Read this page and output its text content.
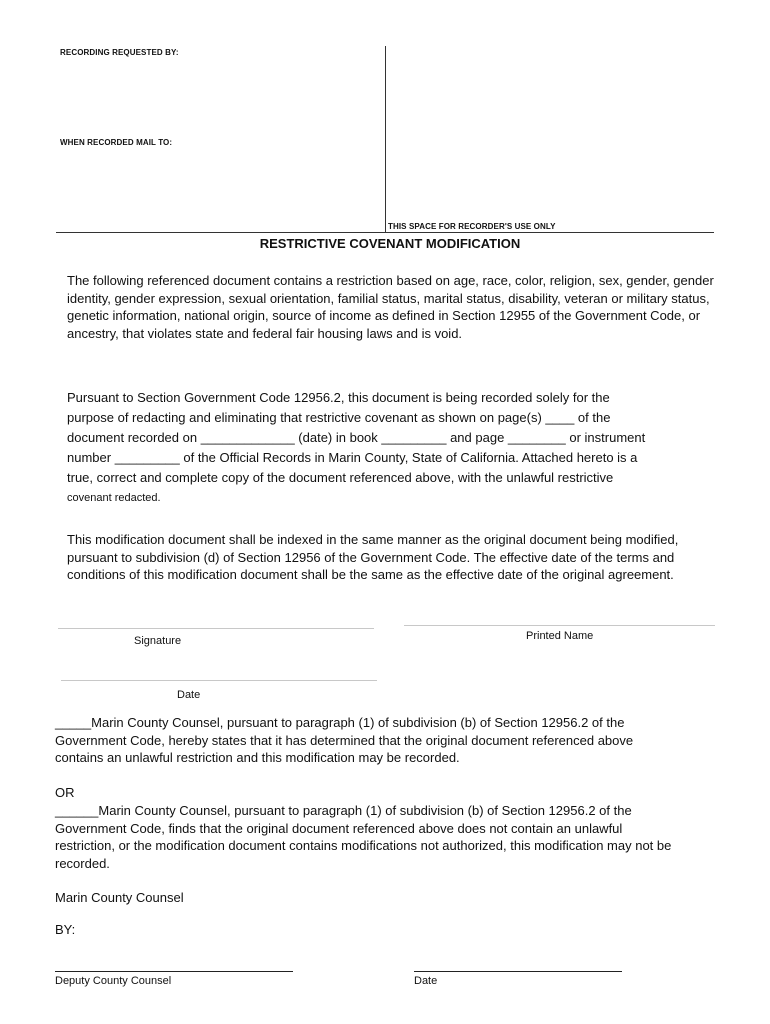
RECORDING REQUESTED BY:
WHEN RECORDED MAIL TO:
THIS SPACE FOR RECORDER'S USE ONLY
RESTRICTIVE COVENANT MODIFICATION

The following referenced document contains a restriction based on age, race, color, religion, sex, gender, gender identity, gender expression, sexual orientation, familial status, marital status, disability, veteran or military status, genetic information, national origin, source of income as defined in Section 12955 of the Government Code, or ancestry, that violates state and federal fair housing laws and is void.

Pursuant to Section Government Code 12956.2, this document is being recorded solely for the

purpose of redacting and eliminating that restrictive covenant as shown on page(s) ____ of the

document recorded on _____________ (date) in book _________ and page ________ or instrument

number _________ of the Official Records in Marin County, State of California. Attached hereto is a

true, correct and complete copy of the document referenced above, with the unlawful restrictive

covenant redacted.

This modification document shall be indexed in the same manner as the original document being modified, pursuant to subdivision (d) of Section 12956 of the Government Code. The effective date of the terms and conditions of this modification document shall be the same as the effective date of the original agreement.

Signature	Printed Name
Date

_____Marin County Counsel, pursuant to paragraph (1) of subdivision (b) of Section 12956.2 of the Government Code, hereby states that it has determined that the original document referenced above contains an unlawful restriction and this modification may be recorded.

OR

______Marin County Counsel, pursuant to paragraph (1) of subdivision (b) of Section 12956.2 of the Government Code, finds that the original document referenced above does not contain an unlawful restriction, or the modification document contains modifications not authorized, this modification may not be recorded.

Marin County Counsel
BY:
Deputy County Counsel	Date
